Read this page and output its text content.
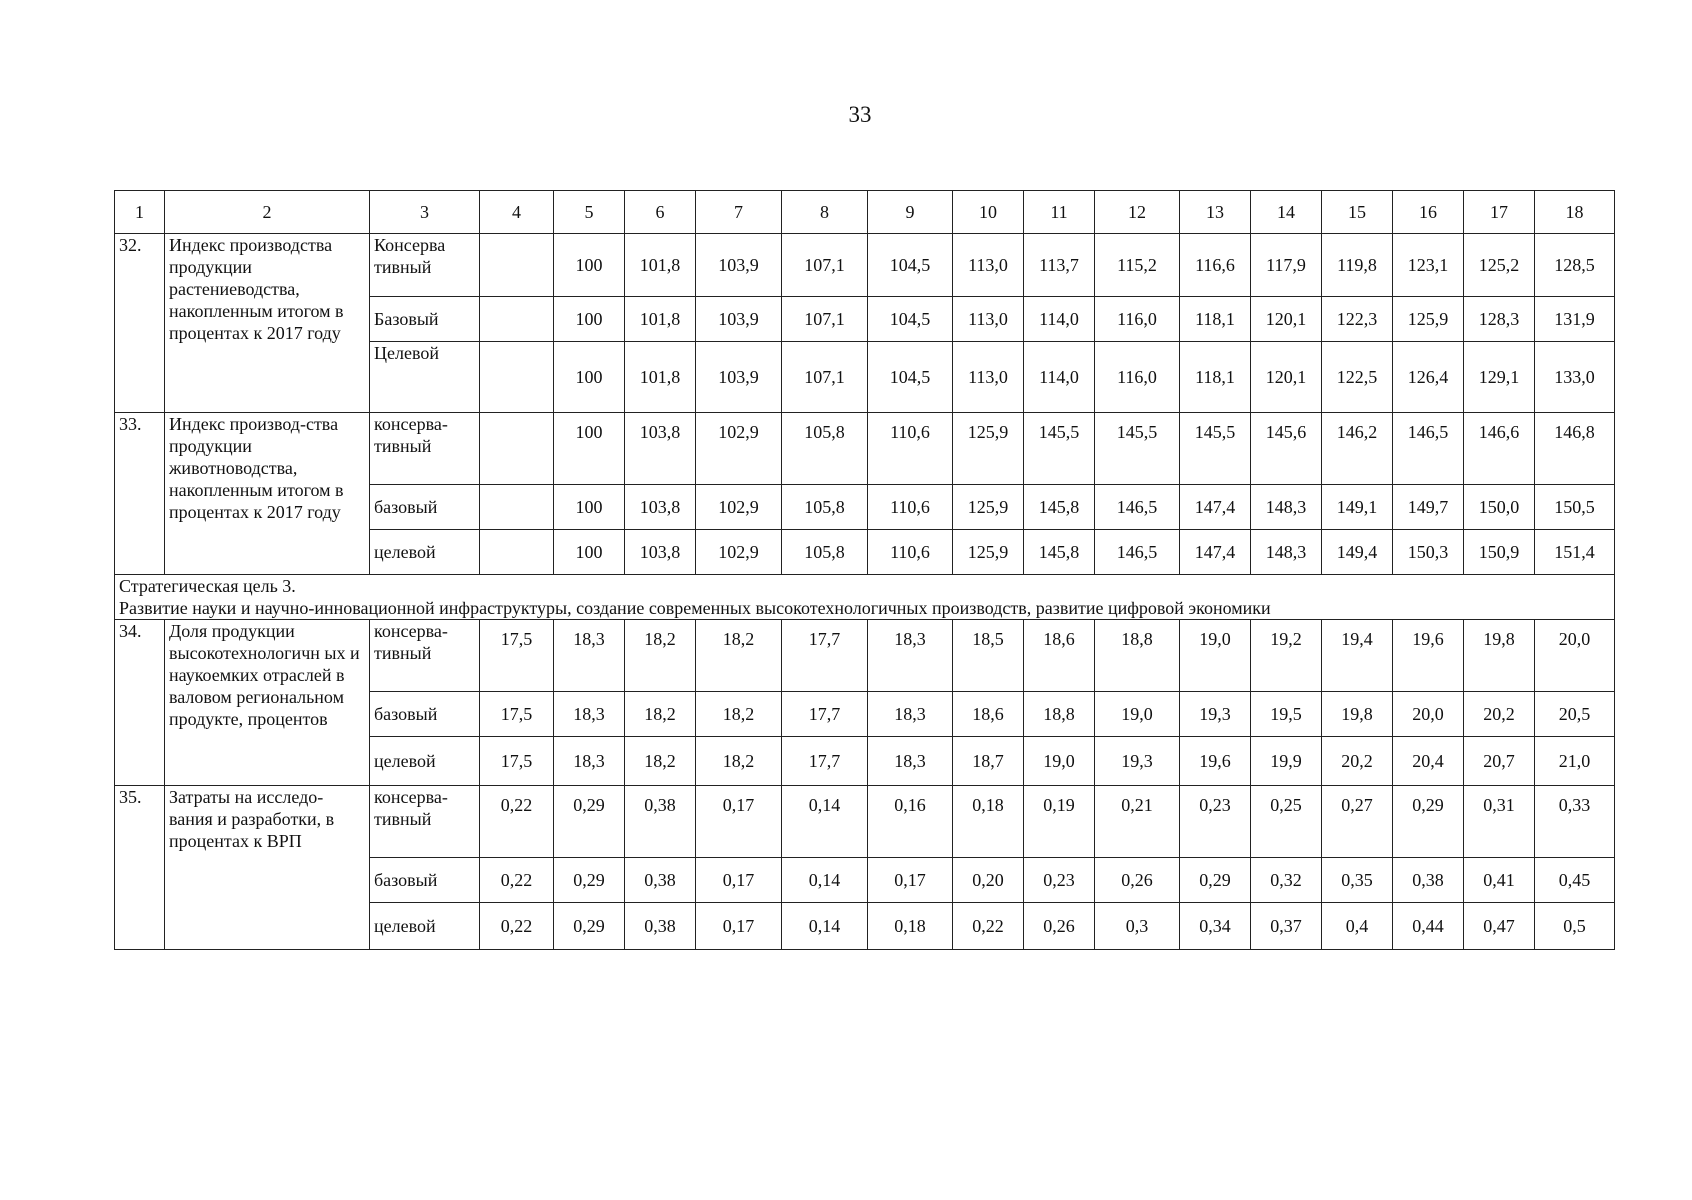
33
1	2	3	4	5	6	7	8	9	10	11	12	13	14	15	16	17	18
32.	Индекс производства продукции растениеводства, накопленным итогом в процентах к 2017 году	Консерва тивный		100	101,8	103,9	107,1	104,5	113,0	113,7	115,2	116,6	117,9	119,8	123,1	125,2	128,5
		Базовый		100	101,8	103,9	107,1	104,5	113,0	114,0	116,0	118,1	120,1	122,3	125,9	128,3	131,9
		Целевой		100	101,8	103,9	107,1	104,5	113,0	114,0	116,0	118,1	120,1	122,5	126,4	129,1	133,0
33.	Индекс производ-ства продукции животноводства, накопленным итогом в процентах к 2017 году	консерва-тивный		100	103,8	102,9	105,8	110,6	125,9	145,5	145,5	145,5	145,6	146,2	146,5	146,6	146,8
		базовый		100	103,8	102,9	105,8	110,6	125,9	145,8	146,5	147,4	148,3	149,1	149,7	150,0	150,5
		целевой		100	103,8	102,9	105,8	110,6	125,9	145,8	146,5	147,4	148,3	149,4	150,3	150,9	151,4

Стратегическая цель 3.
Развитие науки и научно-инновационной инфраструктуры, создание современных высокотехнологичных производств, развитие цифровой экономики																	

34.	Доля продукции высокотехнологичн ых и наукоемких отраслей в валовом региональном продукте, процентов	консерва-тивный	17,5	18,3	18,2	18,2	17,7	18,3	18,5	18,6	18,8	19,0	19,2	19,4	19,6	19,8	20,0
		базовый	17,5	18,3	18,2	18,2	17,7	18,3	18,6	18,8	19,0	19,3	19,5	19,8	20,0	20,2	20,5
		целевой	17,5	18,3	18,2	18,2	17,7	18,3	18,7	19,0	19,3	19,6	19,9	20,2	20,4	20,7	21,0
35.	Затраты на исследо-вания и разработки, в процентах к ВРП	консерва-тивный	0,22	0,29	0,38	0,17	0,14	0,16	0,18	0,19	0,21	0,23	0,25	0,27	0,29	0,31	0,33
		базовый	0,22	0,29	0,38	0,17	0,14	0,17	0,20	0,23	0,26	0,29	0,32	0,35	0,38	0,41	0,45
		целевой	0,22	0,29	0,38	0,17	0,14	0,18	0,22	0,26	0,3	0,34	0,37	0,4	0,44	0,47	0,5
